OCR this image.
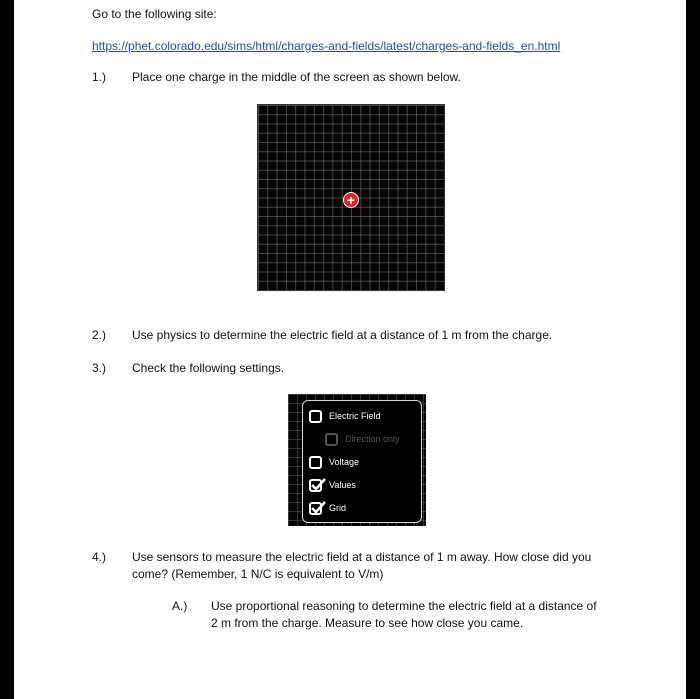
Go to the following site:
https://phet.colorado.edu/sims/html/charges-and-fields/latest/charges-and-fields_en.html
1.) Place one charge in the middle of the screen as shown below.
+
2.) Use physics to determine the electric field at a distance of 1 m from the charge.
3.) Check the following settings.
Electric Field
Direction only
Voltage
Values
Grid
4.) Use sensors to measure the electric field at a distance of 1 m away. How close did you
come? (Remember, 1 N/C is equivalent to V/m)
A.) Use proportional reasoning to determine the electric field at a distance of
2 m from the charge. Measure to see how close you came.
